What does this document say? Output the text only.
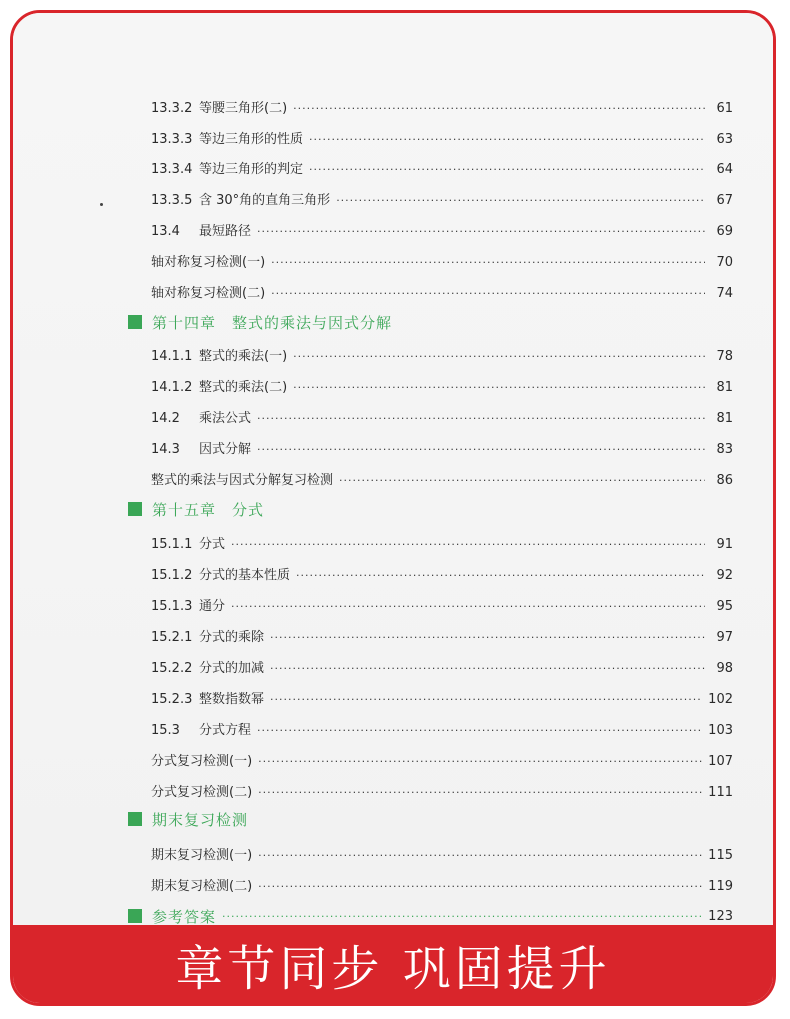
13.3.2 等腰三角形(二) ·····	61
13.3.3 等边三角形的性质 ·····	63
13.3.4 等边三角形的判定 ·····	64
13.3.5 含 30°角的直角三角形 ·····	67
13.4	最短路径 ·····	69
轴对称复习检测(一) ·····	70
轴对称复习检测(二) ·····	74
第十四章　整式的乘法与因式分解
14.1.1 整式的乘法(一) ·····	78
14.1.2 整式的乘法(二) ·····	81
14.2	乘法公式 ·····	81
14.3	因式分解 ·····	83
整式的乘法与因式分解复习检测 ·····	86
第十五章　分式
15.1.1 分式 ·····	91
15.1.2 分式的基本性质 ·····	92
15.1.3 通分 ·····	95
15.2.1 分式的乘除 ·····	97
15.2.2 分式的加减 ·····	98
15.2.3 整数指数幂 ·····	102
15.3	分式方程 ·····	103
分式复习检测(一) ·····	107
分式复习检测(二) ·····	111
期末复习检测
期末复习检测(一) ·····	115
期末复习检测(二) ·····	119
参考答案 ·····	123
章节同步 巩固提升
